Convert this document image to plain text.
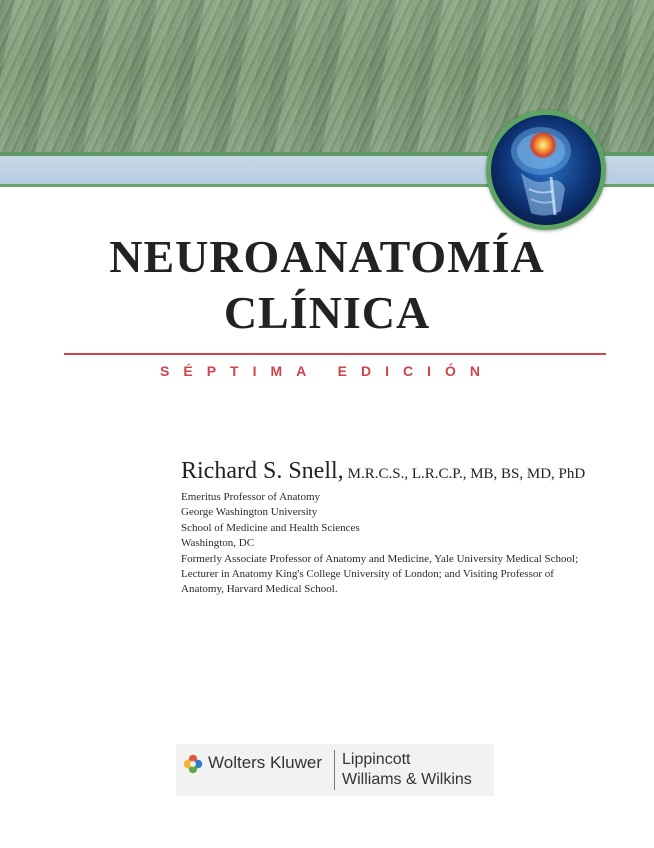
NEUROANATOMÍA
CLÍNICA
SÉPTIMA EDICIÓN

Richard S. Snell, M.R.C.S., L.R.C.P., MB, BS, MD, PhD

Emeritus Professor of Anatomy

George Washington University

School of Medicine and Health Sciences

Washington, DC

Formerly Associate Professor of Anatomy and Medicine, Yale University Medical School;

Lecturer in Anatomy King's College University of London; and Visiting Professor of

Anatomy, Harvard Medical School.

Wolters Kluwer Lippincott
Williams & Wilkins
